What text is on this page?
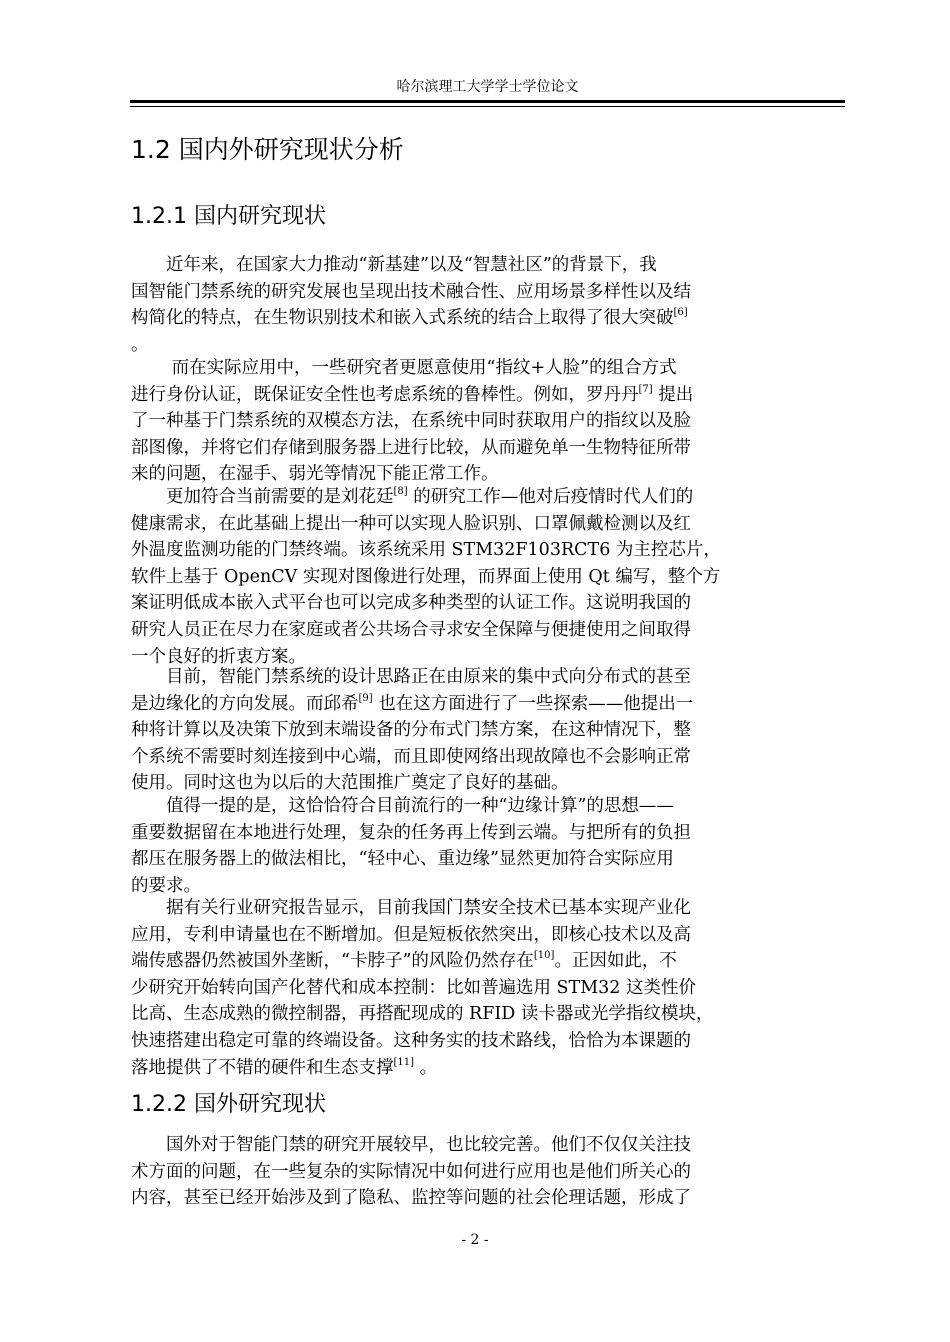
哈尔滨理工大学学士学位论文
1.2 国内外研究现状分析
1.2.1 国内研究现状
　　近年来，在国家大力推动“新基建”以及“智慧社区”的背景下，我
国智能门禁系统的研究发展也呈现出技术融合性、应用场景多样性以及结
构简化的特点，在生物识别技术和嵌入式系统的结合上取得了很大突破[6]
。
　　 而在实际应用中，一些研究者更愿意使用“指纹+人脸”的组合方式
进行身份认证，既保证安全性也考虑系统的鲁棒性。例如，罗丹丹[7] 提出
了一种基于门禁系统的双模态方法，在系统中同时获取用户的指纹以及脸
部图像，并将它们存储到服务器上进行比较，从而避免单一生物特征所带
来的问题，在湿手、弱光等情况下能正常工作。
　　更加符合当前需要的是刘花廷[8] 的研究工作—他对后疫情时代人们的
健康需求，在此基础上提出一种可以实现人脸识别、口罩佩戴检测以及红
外温度监测功能的门禁终端。该系统采用 STM32F103RCT6 为主控芯片，
软件上基于 OpenCV 实现对图像进行处理，而界面上使用 Qt 编写，整个方
案证明低成本嵌入式平台也可以完成多种类型的认证工作。这说明我国的
研究人员正在尽力在家庭或者公共场合寻求安全保障与便捷使用之间取得
一个良好的折衷方案。
　　目前，智能门禁系统的设计思路正在由原来的集中式向分布式的甚至
是边缘化的方向发展。而邱希[9] 也在这方面进行了一些探索——他提出一
种将计算以及决策下放到末端设备的分布式门禁方案，在这种情况下，整
个系统不需要时刻连接到中心端，而且即使网络出现故障也不会影响正常
使用。同时这也为以后的大范围推广奠定了良好的基础。
　　值得一提的是，这恰恰符合目前流行的一种“边缘计算”的思想——
重要数据留在本地进行处理，复杂的任务再上传到云端。与把所有的负担
都压在服务器上的做法相比，“轻中心、重边缘”显然更加符合实际应用
的要求。
　　据有关行业研究报告显示，目前我国门禁安全技术已基本实现产业化
应用，专利申请量也在不断增加。但是短板依然突出，即核心技术以及高
端传感器仍然被国外垄断，“卡脖子”的风险仍然存在[10]。正因如此，不
少研究开始转向国产化替代和成本控制：比如普遍选用 STM32 这类性价
比高、生态成熟的微控制器，再搭配现成的 RFID 读卡器或光学指纹模块，
快速搭建出稳定可靠的终端设备。这种务实的技术路线，恰恰为本课题的
落地提供了不错的硬件和生态支撑[11] 。
1.2.2 国外研究现状
　　国外对于智能门禁的研究开展较早，也比较完善。他们不仅仅关注技
术方面的问题，在一些复杂的实际情况中如何进行应用也是他们所关心的
内容，甚至已经开始涉及到了隐私、监控等问题的社会伦理话题，形成了
- 2 -
